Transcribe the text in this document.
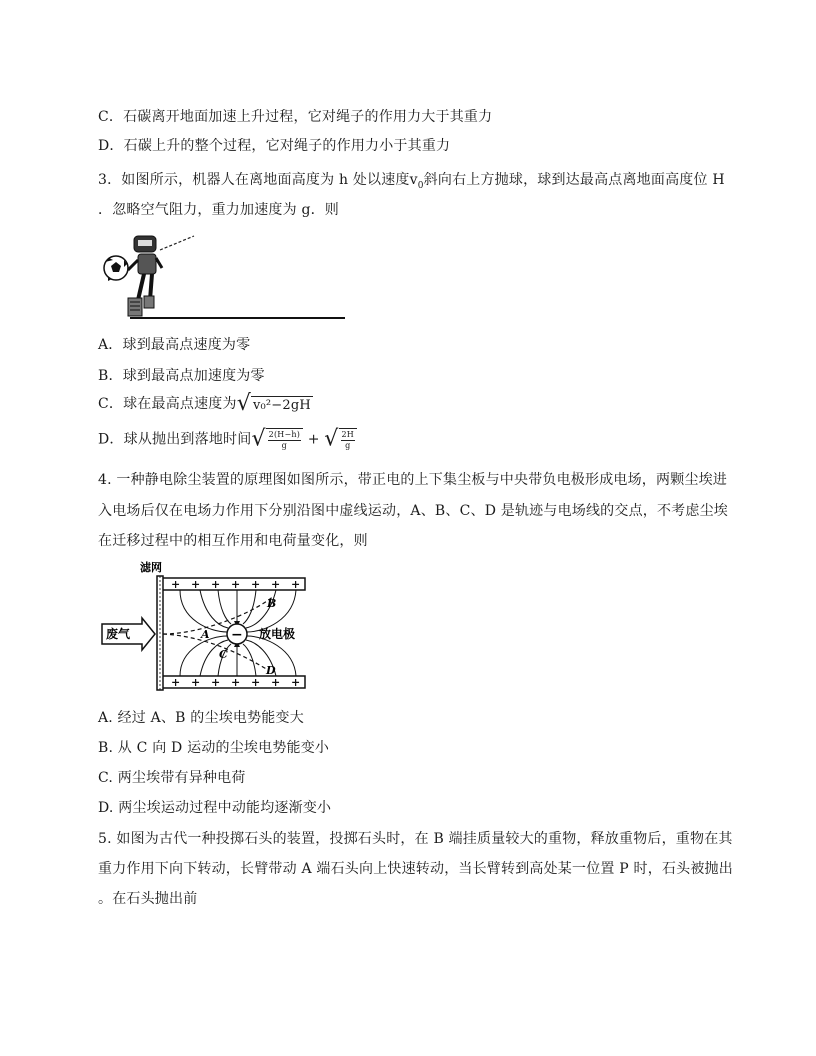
C．石碳离开地面加速上升过程，它对绳子的作用力大于其重力
D．石碳上升的整个过程，它对绳子的作用力小于其重力
3．如图所示，机器人在离地面高度为 h 处以速度$v_0$斜向右上方抛球，球到达最高点离地面高度位 H
．忽略空气阻力，重力加速度为 g．则
A．球到最高点速度为零
B．球到最高点加速度为零
C．球在最高点速度为√ v₀²−2gH
D．球从抛出到落地时间√ $\frac{2(H-h)}{g}$ + √ $\frac{2H}{g}$
4. 一种静电除尘装置的原理图如图所示，带正电的上下集尘板与中央带负电极形成电场，两颗尘埃进
入电场后仅在电场力作用下分别沿图中虚线运动，A、B、C、D 是轨迹与电场线的交点，不考虑尘埃
在迁移过程中的相互作用和电荷量变化，则
滤网
+ + + + + + +
+ + + + + + +
−
废气	放电极
A
B
C
D
A. 经过 A、B 的尘埃电势能变大
B. 从 C 向 D 运动的尘埃电势能变小
C. 两尘埃带有异种电荷
D. 两尘埃运动过程中动能均逐渐变小
5. 如图为古代一种投掷石头的装置，投掷石头时，在 B 端挂质量较大的重物，释放重物后，重物在其
重力作用下向下转动，长臂带动 A 端石头向上快速转动，当长臂转到高处某一位置 P 时，石头被抛出
。在石头抛出前
